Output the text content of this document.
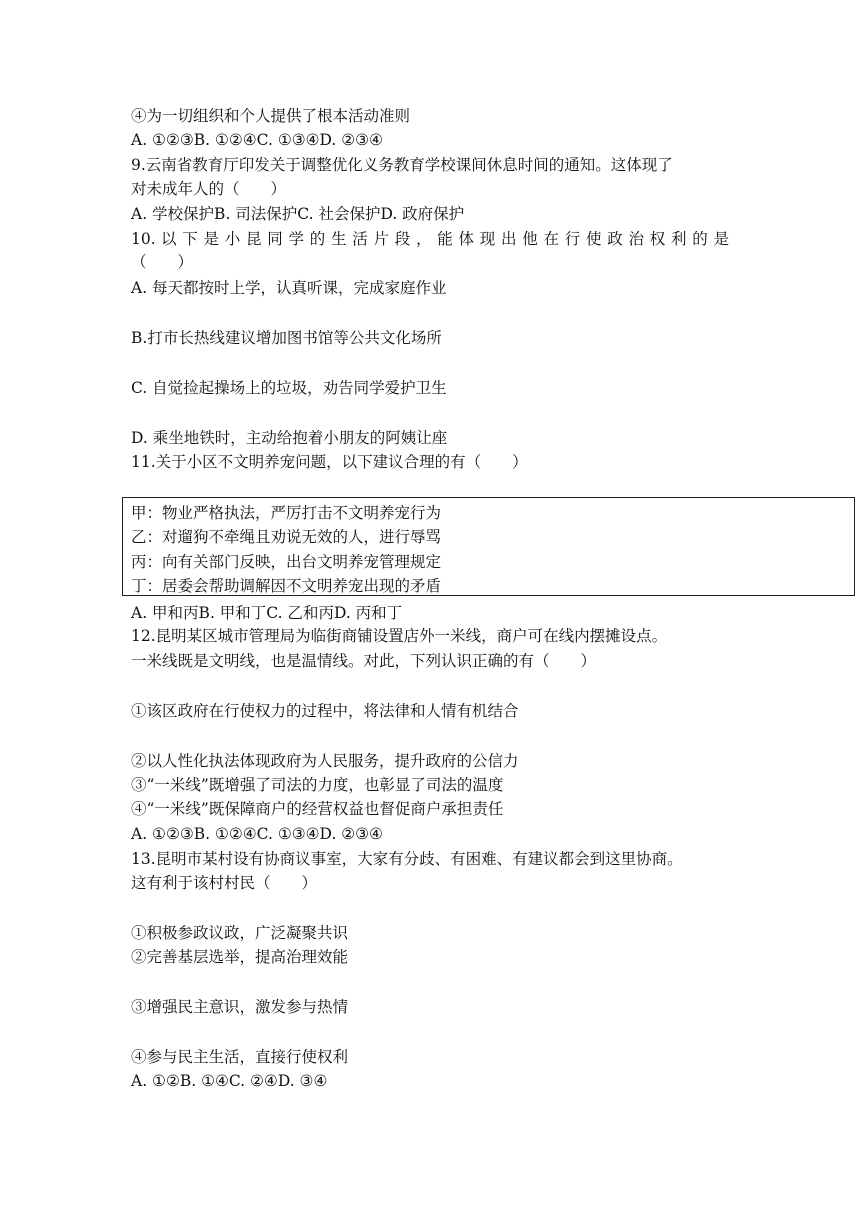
④为一切组织和个人提供了根本活动准则
A. ①②③B. ①②④C. ①③④D. ②③④
9.云南省教育厅印发关于调整优化义务教育学校课间休息时间的通知。这体现了
对未成年人的（　　）
A. 学校保护B. 司法保护C. 社会保护D. 政府保护
10. 以 下 是 小 昆 同 学 的 生 活 片 段 ， 能 体 现 出 他 在 行 使 政 治 权 利 的 是
（　　）
A. 每天都按时上学，认真听课，完成家庭作业
B.打市长热线建议增加图书馆等公共文化场所
C. 自觉捡起操场上的垃圾，劝告同学爱护卫生
D. 乘坐地铁时，主动给抱着小朋友的阿姨让座
11.关于小区不文明养宠问题，以下建议合理的有（　　）
甲：物业严格执法，严厉打击不文明养宠行为
乙：对遛狗不牵绳且劝说无效的人，进行辱骂
丙：向有关部门反映，出台文明养宠管理规定
丁：居委会帮助调解因不文明养宠出现的矛盾
A. 甲和丙B. 甲和丁C. 乙和丙D. 丙和丁
12.昆明某区城市管理局为临街商铺设置店外一米线，商户可在线内摆摊设点。
一米线既是文明线，也是温情线。对此，下列认识正确的有（　　）
①该区政府在行使权力的过程中，将法律和人情有机结合
②以人性化执法体现政府为人民服务，提升政府的公信力
③“一米线”既增强了司法的力度，也彰显了司法的温度
④“一米线”既保障商户的经营权益也督促商户承担责任
A. ①②③B. ①②④C. ①③④D. ②③④
13.昆明市某村设有协商议事室，大家有分歧、有困难、有建议都会到这里协商。
这有利于该村村民（　　）
①积极参政议政，广泛凝聚共识
②完善基层选举，提高治理效能
③增强民主意识，激发参与热情
④参与民主生活，直接行使权利
A. ①②B. ①④C. ②④D. ③④
